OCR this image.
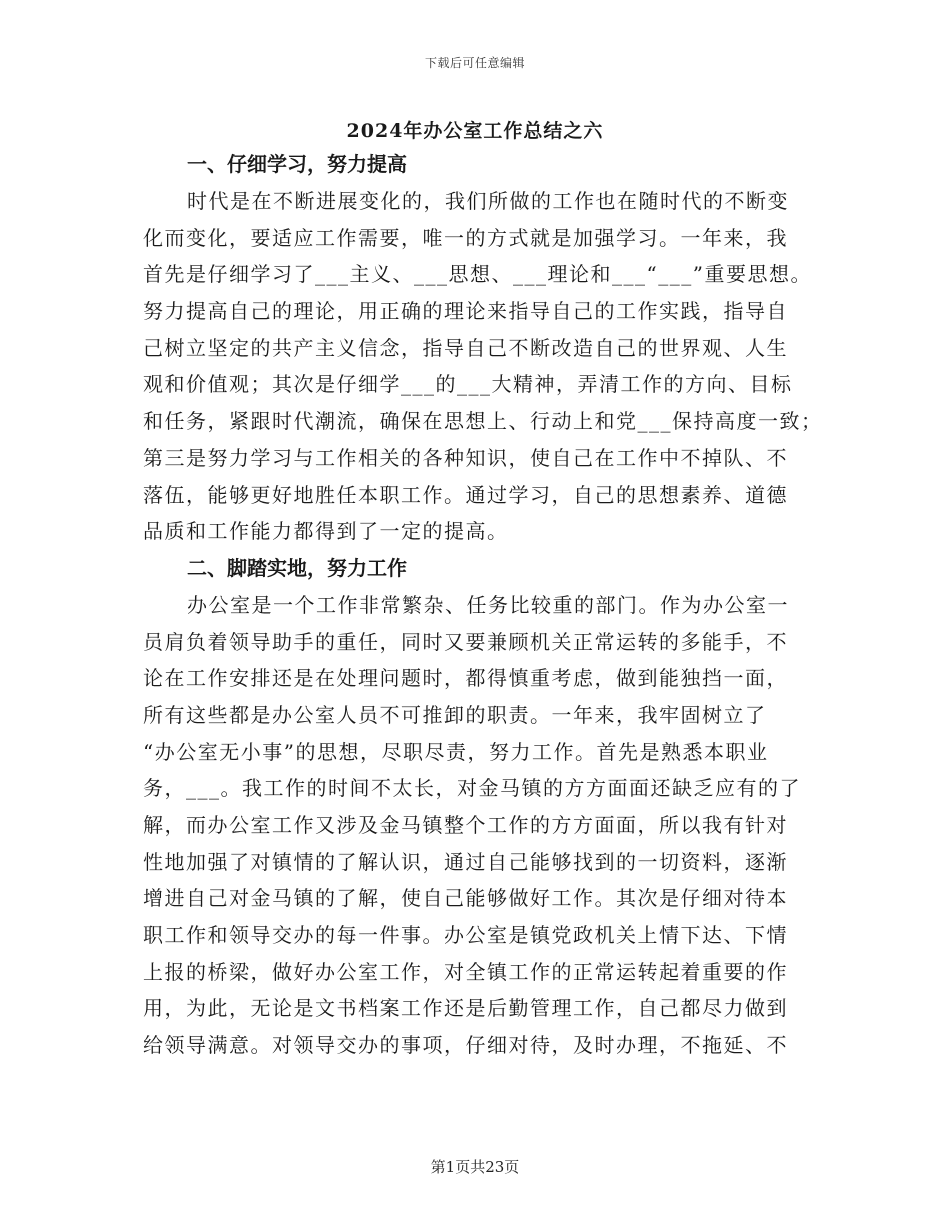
下载后可任意编辑
2024年办公室工作总结之六
一、仔细学习，努力提高
时代是在不断进展变化的，我们所做的工作也在随时代的不断变
化而变化，要适应工作需要，唯一的方式就是加强学习。一年来，我
首先是仔细学习了___主义、___思想、___理论和___“___”重要思想。
努力提高自己的理论，用正确的理论来指导自己的工作实践，指导自
己树立坚定的共产主义信念，指导自己不断改造自己的世界观、人生
观和价值观；其次是仔细学___的___大精神，弄清工作的方向、目标
和任务，紧跟时代潮流，确保在思想上、行动上和党___保持高度一致；
第三是努力学习与工作相关的各种知识，使自己在工作中不掉队、不
落伍，能够更好地胜任本职工作。通过学习，自己的思想素养、道德
品质和工作能力都得到了一定的提高。
二、脚踏实地，努力工作
办公室是一个工作非常繁杂、任务比较重的部门。作为办公室一
员肩负着领导助手的重任，同时又要兼顾机关正常运转的多能手，不
论在工作安排还是在处理问题时，都得慎重考虑，做到能独挡一面，
所有这些都是办公室人员不可推卸的职责。一年来，我牢固树立了
“办公室无小事”的思想，尽职尽责，努力工作。首先是熟悉本职业
务，___。我工作的时间不太长，对金马镇的方方面面还缺乏应有的了
解，而办公室工作又涉及金马镇整个工作的方方面面，所以我有针对
性地加强了对镇情的了解认识，通过自己能够找到的一切资料，逐渐
增进自己对金马镇的了解，使自己能够做好工作。其次是仔细对待本
职工作和领导交办的每一件事。办公室是镇党政机关上情下达、下情
上报的桥梁，做好办公室工作，对全镇工作的正常运转起着重要的作
用，为此，无论是文书档案工作还是后勤管理工作，自己都尽力做到
给领导满意。对领导交办的事项，仔细对待，及时办理，不拖延、不
第1页共23页
